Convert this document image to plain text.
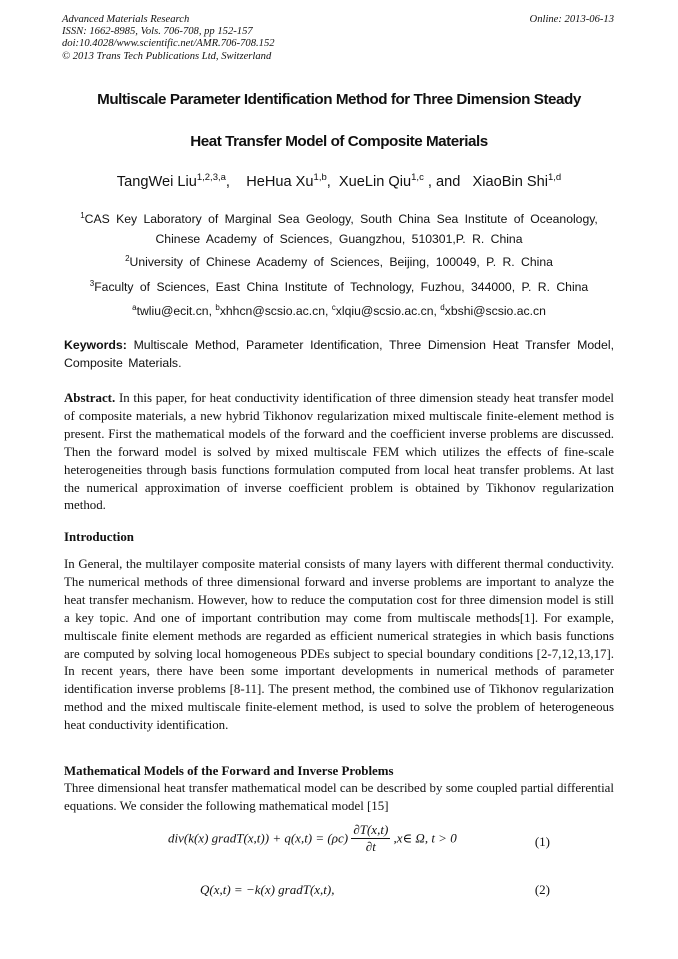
Advanced Materials Research
ISSN: 1662-8985, Vols. 706-708, pp 152-157
doi:10.4028/www.scientific.net/AMR.706-708.152
© 2013 Trans Tech Publications Ltd, Switzerland
Online: 2013-06-13
Multiscale Parameter Identification Method for Three Dimension Steady
Heat Transfer Model of Composite Materials
TangWei Liu$^{1,2,3,a}$,    HeHua Xu$^{1,b}$,  XueLin Qiu$^{1,c}$ , and XiaoBin Shi$^{1,d}$
$^1$CAS Key Laboratory of Marginal Sea Geology, South China Sea Institute of Oceanology,
Chinese Academy of Sciences, Guangzhou, 510301,P. R. China
$^2$University of Chinese Academy of Sciences, Beijing, 100049, P. R. China
$^3$Faculty of Sciences, East China Institute of Technology, Fuzhou, 344000, P. R. China
$^a$twliu@ecit.cn, $^b$xhhcn@scsio.ac.cn, $^c$xlqiu@scsio.ac.cn, $^d$xbshi@scsio.ac.cn
Keywords: Multiscale Method, Parameter Identification, Three Dimension Heat Transfer Model, Composite Materials.
Abstract. In this paper, for heat conductivity identification of three dimension steady heat transfer model of composite materials, a new hybrid Tikhonov regularization mixed multiscale finite-element method is present. First the mathematical models of the forward and the coefficient inverse problems are discussed. Then the forward model is solved by mixed multiscale FEM which utilizes the effects of fine-scale heterogeneities through basis functions formulation computed from local heat transfer problems. At last the numerical approximation of inverse coefficient problem is obtained by Tikhonov regularization method.
Introduction
In General, the multilayer composite material consists of many layers with different thermal conductivity. The numerical methods of three dimensional forward and inverse problems are important to analyze the heat transfer mechanism. However, how to reduce the computation cost for three dimension model is still a key topic. And one of important contribution may come from multiscale methods[1]. For example, multiscale finite element methods are regarded as efficient numerical strategies in which basis functions are computed by solving local homogeneous PDEs subject to special boundary conditions [2-7,12,13,17]. In recent years, there have been some important developments in numerical methods of parameter identification inverse problems [8-11]. The present method, the combined use of Tikhonov regularization method and the mixed multiscale finite-element method, is used to solve the problem of heterogeneous heat conductivity identification.
Mathematical Models of the Forward and Inverse Problems
Three dimensional heat transfer mathematical model can be described by some coupled partial differential equations. We consider the following mathematical model [15]
div(k(x) gradT(x,t)) + $q(x,t) = (\rho c) \frac{\partial T(x,t)}{\partial t}$ ,x∈ Ω, t > 0	(1)
Q(x,t) = −k(x) gradT(x,t),	(2)
